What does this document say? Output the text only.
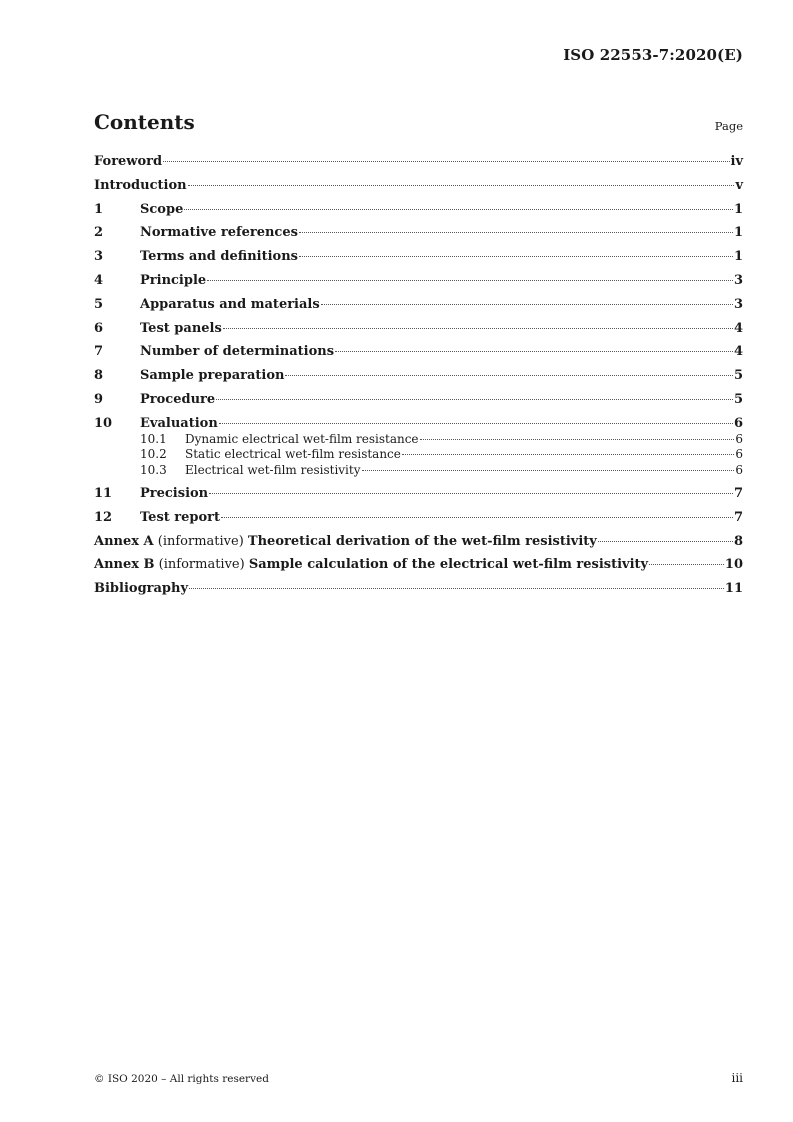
ISO 22553-7:2020(E)
Contents	Page
Foreword	iv
Introduction	v
1	Scope	1
2	Normative references	1
3	Terms and definitions	1
4	Principle	3
5	Apparatus and materials	3
6	Test panels	4
7	Number of determinations	4
8	Sample preparation	5
9	Procedure	5
10	Evaluation	6
10.1	Dynamic electrical wet-film resistance	6
10.2	Static electrical wet-film resistance	6
10.3	Electrical wet-film resistivity	6
11	Precision	7
12	Test report	7
Annex A (informative) Theoretical derivation of the wet-film resistivity	8
Annex B (informative) Sample calculation of the electrical wet-film resistivity	10
Bibliography	11
© ISO 2020 – All rights reserved	iii
